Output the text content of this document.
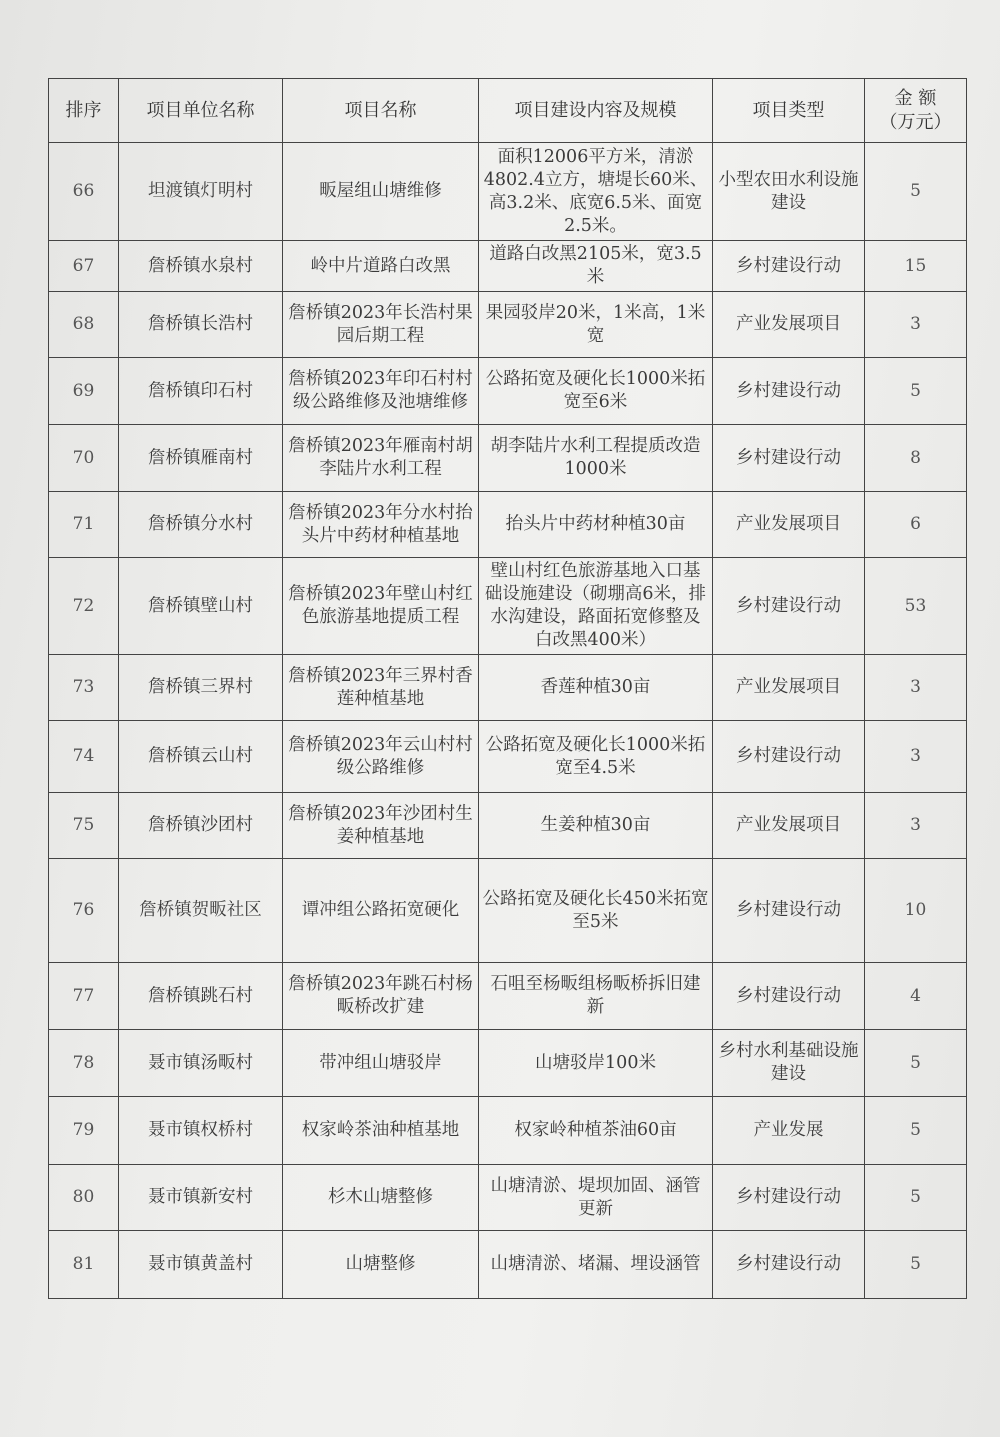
排序	项目单位名称	项目名称	项目建设内容及规模	项目类型	金 额
（万元）
66	坦渡镇灯明村	畈屋组山塘维修	面积12006平方米，清淤4802.4立方，塘堤长60米、高3.2米、底宽6.5米、面宽2.5米。	小型农田水利设施建设	5
67	詹桥镇水泉村	岭中片道路白改黑	道路白改黑2105米，宽3.5米	乡村建设行动	15
68	詹桥镇长浩村	詹桥镇2023年长浩村果园后期工程	果园驳岸20米，1米高，1米宽	产业发展项目	3
69	詹桥镇印石村	詹桥镇2023年印石村村级公路维修及池塘维修	公路拓宽及硬化长1000米拓宽至6米	乡村建设行动	5
70	詹桥镇雁南村	詹桥镇2023年雁南村胡李陆片水利工程	胡李陆片水利工程提质改造1000米	乡村建设行动	8
71	詹桥镇分水村	詹桥镇2023年分水村抬头片中药材种植基地	抬头片中药材种植30亩	产业发展项目	6
72	詹桥镇壁山村	詹桥镇2023年壁山村红色旅游基地提质工程	壁山村红色旅游基地入口基础设施建设（砌堋高6米，排水沟建设，路面拓宽修整及白改黑400米）	乡村建设行动	53
73	詹桥镇三界村	詹桥镇2023年三界村香莲种植基地	香莲种植30亩	产业发展项目	3
74	詹桥镇云山村	詹桥镇2023年云山村村级公路维修	公路拓宽及硬化长1000米拓宽至4.5米	乡村建设行动	3
75	詹桥镇沙团村	詹桥镇2023年沙团村生姜种植基地	生姜种植30亩	产业发展项目	3
76	詹桥镇贺畈社区	谭冲组公路拓宽硬化	公路拓宽及硬化长450米拓宽至5米	乡村建设行动	10
77	詹桥镇跳石村	詹桥镇2023年跳石村杨畈桥改扩建	石咀至杨畈组杨畈桥拆旧建新	乡村建设行动	4
78	聂市镇汤畈村	带冲组山塘驳岸	山塘驳岸100米	乡村水利基础设施建设	5
79	聂市镇权桥村	权家岭茶油种植基地	权家岭种植茶油60亩	产业发展	5
80	聂市镇新安村	杉木山塘整修	山塘清淤、堤坝加固、涵管更新	乡村建设行动	5
81	聂市镇黄盖村	山塘整修	山塘清淤、堵漏、埋设涵管	乡村建设行动	5
